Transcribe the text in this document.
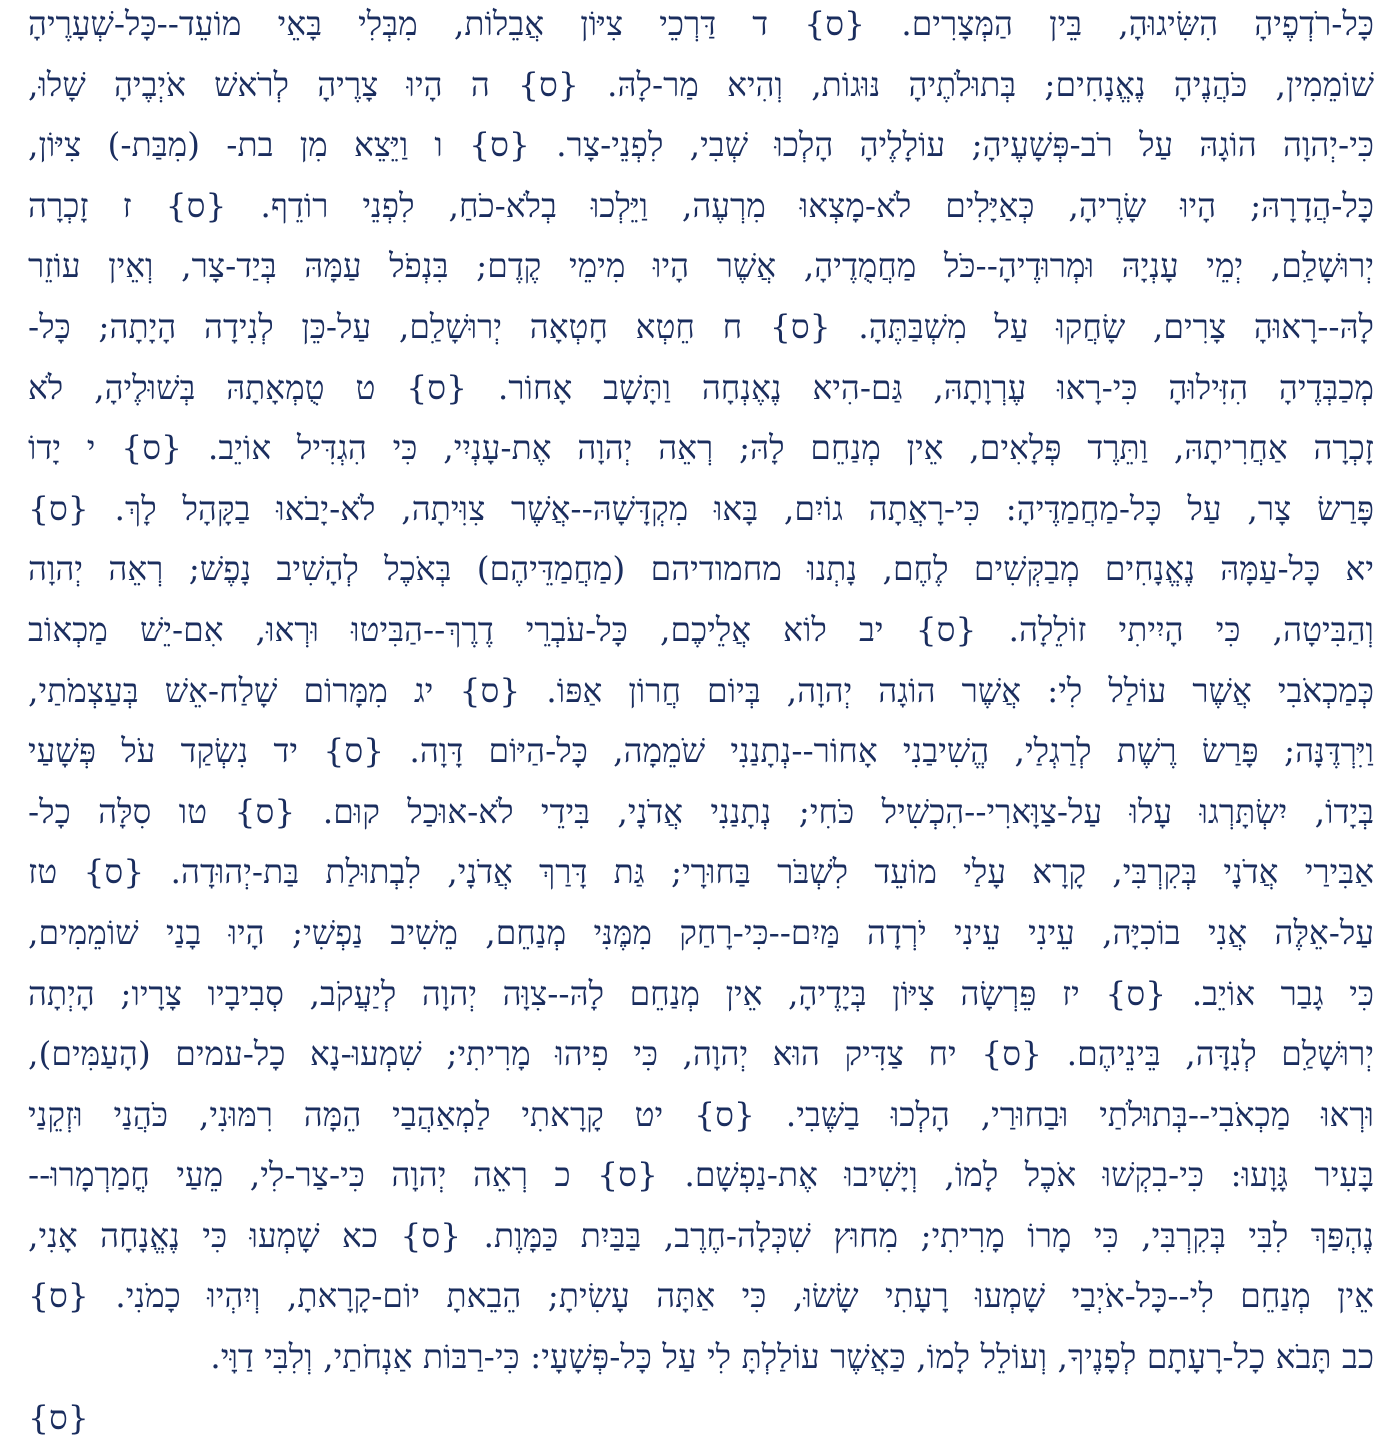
כָּל-רֹדְפֶיהָ הִשִּׂיגוּהָ, בֵּין הַמְּצָרִים. {ס} ד דַּרְכֵי צִיּוֹן אֲבֵלוֹת, מִבְּלִי בָּאֵי מוֹעֵד--כָּל-שְׁעָרֶיהָ
שׁוֹמֵמִין, כֹּהֲנֶיהָ נֶאֱנָחִים; בְּתוּלֹתֶיהָ נּוּגוֹת, וְהִיא מַר-לָהּ. {ס} ה הָיוּ צָרֶיהָ לְרֹאשׁ אֹיְבֶיהָ שָׁלוּ,
כִּי-יְהוָה הוֹגָהּ עַל רֹב-פְּשָׁעֶיהָ; עוֹלָלֶיהָ הָלְכוּ שְׁבִי, לִפְנֵי-צָר. {ס} ו וַיֵּצֵא מִן בת- (מִבַּת-) צִיּוֹן,
כָּל-הֲדָרָהּ; הָיוּ שָׂרֶיהָ, כְּאַיָּלִים לֹא-מָצְאוּ מִרְעֶה, וַיֵּלְכוּ בְלֹא-כֹחַ, לִפְנֵי רוֹדֵף. {ס} ז זָכְרָה
יְרוּשָׁלִַם, יְמֵי עָנְיָהּ וּמְרוּדֶיהָ--כֹּל מַחֲמֻדֶיהָ, אֲשֶׁר הָיוּ מִימֵי קֶדֶם; בִּנְפֹל עַמָּהּ בְּיַד-צָר, וְאֵין עוֹזֵר
לָהּ--רָאוּהָ צָרִים, שָׂחֲקוּ עַל מִשְׁבַּתֶּהָ. {ס} ח חֵטְא חָטְאָה יְרוּשָׁלִַם, עַל-כֵּן לְנִידָה הָיָתָה; כָּל-
מְכַבְּדֶיהָ הִזִּילוּהָ כִּי-רָאוּ עֶרְוָתָהּ, גַּם-הִיא נֶאֶנְחָה וַתָּשָׁב אָחוֹר. {ס} ט טֻמְאָתָהּ בְּשׁוּלֶיהָ, לֹא
זָכְרָה אַחֲרִיתָהּ, וַתֵּרֶד פְּלָאִים, אֵין מְנַחֵם לָהּ; רְאֵה יְהוָה אֶת-עָנְיִי, כִּי הִגְדִּיל אוֹיֵב. {ס} י יָדוֹ
פָּרַשׂ צָר, עַל כָּל-מַחֲמַדֶּיהָ: כִּי-רָאֲתָה גוֹיִם, בָּאוּ מִקְדָּשָׁהּ--אֲשֶׁר צִוִּיתָה, לֹא-יָבֹאוּ בַקָּהָל לָךְ. {ס}
יא כָּל-עַמָּהּ נֶאֱנָחִים מְבַקְּשִׁים לֶחֶם, נָתְנוּ מחמודיהם (מַחֲמַדֵּיהֶם) בְּאֹכֶל לְהָשִׁיב נָפֶשׁ; רְאֵה יְהוָה
וְהַבִּיטָה, כִּי הָיִיתִי זוֹלֵלָה. {ס} יב לוֹא אֲלֵיכֶם, כָּל-עֹבְרֵי דֶרֶךְ--הַבִּיטוּ וּרְאוּ, אִם-יֵשׁ מַכְאוֹב
כְּמַכְאֹבִי אֲשֶׁר עוֹלַל לִי: אֲשֶׁר הוֹגָה יְהוָה, בְּיוֹם חֲרוֹן אַפּוֹ. {ס} יג מִמָּרוֹם שָׁלַח-אֵשׁ בְּעַצְמֹתַי,
וַיִּרְדֶּנָּה; פָּרַשׂ רֶשֶׁת לְרַגְלַי, הֱשִׁיבַנִי אָחוֹר--נְתָנַנִי שֹׁמֵמָה, כָּל-הַיּוֹם דָּוָה. {ס} יד נִשְׂקַד עֹל פְּשָׁעַי
בְּיָדוֹ, יִשְׂתָּרְגוּ עָלוּ עַל-צַוָּארִי--הִכְשִׁיל כֹּחִי; נְתָנַנִי אֲדֹנָי, בִּידֵי לֹא-אוּכַל קוּם. {ס} טו סִלָּה כָל-
אַבִּירַי אֲדֹנָי בְּקִרְבִּי, קָרָא עָלַי מוֹעֵד לִשְׁבֹּר בַּחוּרָי; גַּת דָּרַךְ אֲדֹנָי, לִבְתוּלַת בַּת-יְהוּדָה. {ס} טז
עַל-אֵלֶּה אֲנִי בוֹכִיָּה, עֵינִי עֵינִי יֹרְדָה מַּיִם--כִּי-רָחַק מִמֶּנִּי מְנַחֵם, מֵשִׁיב נַפְשִׁי; הָיוּ בָנַי שׁוֹמֵמִים,
כִּי גָבַר אוֹיֵב. {ס} יז פֵּרְשָׂה צִיּוֹן בְּיָדֶיהָ, אֵין מְנַחֵם לָהּ--צִוָּה יְהוָה לְיַעֲקֹב, סְבִיבָיו צָרָיו; הָיְתָה
יְרוּשָׁלִַם לְנִדָּה, בֵּינֵיהֶם. {ס} יח צַדִּיק הוּא יְהוָה, כִּי פִיהוּ מָרִיתִי; שִׁמְעוּ-נָא כָל-עמים (הָעַמִּים),
וּרְאוּ מַכְאֹבִי--בְּתוּלֹתַי וּבַחוּרַי, הָלְכוּ בַשֶּׁבִי. {ס} יט קָרָאתִי לַמְאַהֲבַי הֵמָּה רִמּוּנִי, כֹּהֲנַי וּזְקֵנַי
בָּעִיר גָּוָעוּ: כִּי-בִקְשׁוּ אֹכֶל לָמוֹ, וְיָשִׁיבוּ אֶת-נַפְשָׁם. {ס} כ רְאֵה יְהוָה כִּי-צַר-לִי, מֵעַי חֳמַרְמָרוּ--
נֶהְפַּךְ לִבִּי בְּקִרְבִּי, כִּי מָרוֹ מָרִיתִי; מִחוּץ שִׁכְּלָה-חֶרֶב, בַּבַּיִת כַּמָּוֶת. {ס} כא שָׁמְעוּ כִּי נֶאֱנָחָה אָנִי,
אֵין מְנַחֵם לִי--כָּל-אֹיְבַי שָׁמְעוּ רָעָתִי שָׂשׂוּ, כִּי אַתָּה עָשִׂיתָ; הֵבֵאתָ יוֹם-קָרָאתָ, וְיִהְיוּ כָמֹנִי. {ס}
כב תָּבֹא כָל-רָעָתָם לְפָנֶיךָ, וְעוֹלֵל לָמוֹ, כַּאֲשֶׁר עוֹלַלְתָּ לִי עַל כָּל-פְּשָׁעָי: כִּי-רַבּוֹת אַנְחֹתַי, וְלִבִּי דַוָּי.
{ס}
